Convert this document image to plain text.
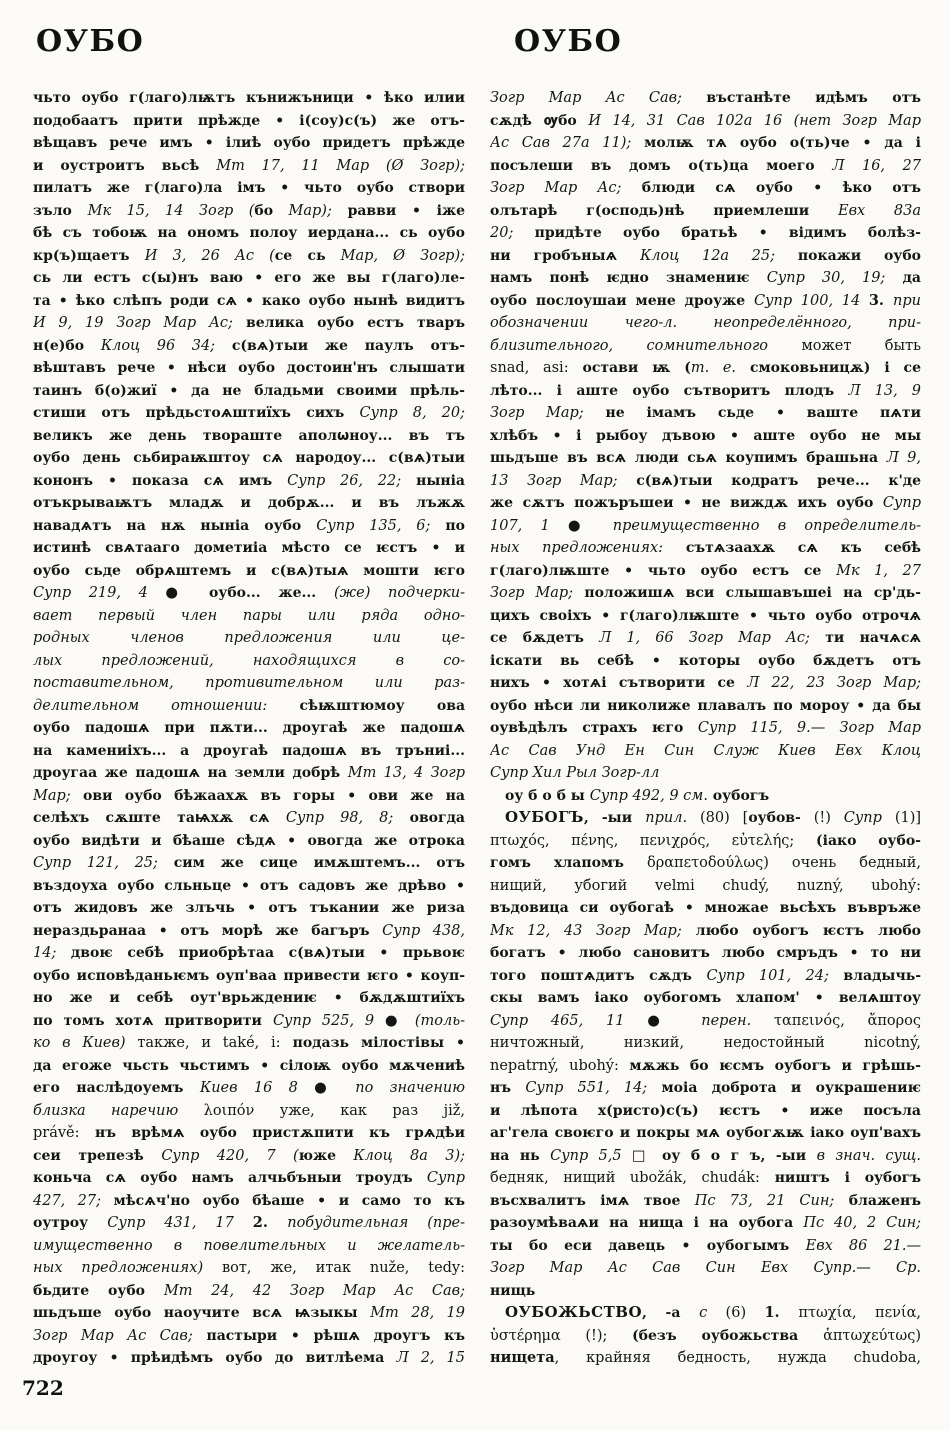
ОУБО	ОУБО
чьто оубо г(лаго)лѭтъ кънижъници • ѣко илии
подобаатъ прити прѣжде • і(соу)с(ъ) же отъ-
вѣщавъ рече имъ • ілиѣ оубо придетъ прѣжде
и оустроитъ вьсѣ Мт 17, 11 Мар (Ø Зогр);
пилатъ же г(лаго)ла імъ • чьто оубо створи
зъло Мк 15, 14 Зогр (бо Мар); равви • іже
бѣ съ тобоѭ на ономъ полоу иердана... сь оубо
кр(ъ)щаетъ И 3, 26 Ас (се сь Мар, Ø Зогр);
сь ли естъ с(ы)нъ ваю • его же вы г(лаго)ле-
та • ѣко слѣпъ роди сѧ • како оубо нынѣ видитъ
И 9, 19 Зогр Мар Ас; велика оубо естъ тваръ
н(е)бо Клоц 96 34; с(вѧ)тыи же паулъ отъ-
вѣштавъ рече • нѣси оубо достоин'нъ слышати
таинъ б(о)жиї • да не бладьми своими прѣль-
стиши отъ прѣдьстоѧштиїхъ сихъ Супр 8, 20;
великъ же день твораште аполѡноу... въ тъ
оубо день сьбираѭштоу сѧ народоу... с(вѧ)тыи
кононъ • показа сѧ имъ Супр 26, 22; ныніа
отъкрываѭтъ младѫ и добрѫ... и въ лъжѫ
навадѧтъ на нѫ ныніа оубо Супр 135, 6; по
истинѣ свѧтааго дометиіа мѣсто се ѥстъ • и
оубо сьде обрѧштемъ и с(вѧ)тыѧ мошти ѥго
Супр 219, 4 ● оубо... же... (же) подчерки-
вает первый член пары или ряда одно-
родных членов предложения или це-
лых предложений, находящихся в со-
поставительном, противительном или раз-
делительном отношении: сѣѭштюмоу ова
оубо падошѧ при пѫти... дроугаѣ же падошѧ
на камениіхъ... а дроугаѣ падошѧ въ тръниі...
дроугаа же падошѧ на земли добрѣ Мт 13, 4 Зогр
Мар; ови оубо бѣжаахѫ въ горы • ови же на
селѣхъ сѫште таѩхѫ сѧ Супр 98, 8; овогда
оубо видѣти и бѣаше сѣдѧ • овогда же отрока
Супр 121, 25; сим же сице имѫштемъ... отъ
въздоуха оубо сльньце • отъ садовъ же дрѣво •
отъ жидовъ же злъчь • отъ тъкании же риза
нераздьранаа • отъ морѣ же багъръ Супр 438,
14; двоѥ себѣ приобрѣтаа с(вѧ)тыи • прьвоѥ
оубо исповѣданьѥмъ оуп'ваа привести ѥго • коуп-
но же и себѣ оут'врьждениѥ • бѫдѫштиїхъ
по томъ хотѧ притворити Супр 525, 9 ● (толь-
ко в Киев) также, и také, i: подазь мілостівы •
да егоже чьсть чьстимъ • сілоѭ оубо мѫчениѣ
его наслѣдоуемъ Киев 16 8 ● по значению
близка наречию λοιπόν уже, как раз již,
právě: нъ врѣмѧ оубо пристѫпити къ грѧдѣи
сеи трепезѣ Супр 420, 7 (юже Клоц 8а 3);
коньча сѧ оубо намъ алчьбъныи троудъ Супр
427, 27; мѣсѧч'но оубо бѣаше • и само то къ
оутроу Супр 431, 17 2. побудительная (пре-
имущественно в повелительных и желатель-
ных предложениях) вот, же, итак nuže, tedy:
бьдите оубо Мт 24, 42 Зогр Мар Ас Сав;
шьдъше оубо наоучите всѧ ѩзыкы Мт 28, 19
Зогр Мар Ас Сав; пастыри • рѣшѧ дроугъ къ
дроугоу • прѣидѣмъ оубо до витлѣема Л 2, 15
Зогр Мар Ас Сав; въстанѣте идѣмъ отъ
сѫдѣ ѹбо И 14, 31 Сав 102а 16 (нет Зогр Мар
Ас Сав 27а 11); молѭ тѧ оубо о(ть)че • да і
посълеши въ домъ о(ть)ца моего Л 16, 27
Зогр Мар Ас; блюди сѧ оубо • ѣко отъ
олътарѣ г(осподь)нѣ приемлеши Евх 83а
20; придѣте оубо братьѣ • відимъ болѣз-
ни гробъныѧ Клоц 12а 25; покажи оубо
намъ понѣ ѥдно знамениѥ Супр 30, 19; да
оубо послоушаи мене дроуже Супр 100, 14 3. при
обозначении чего-л. неопределённого, при-
близительного, сомнительного может быть
snad, asi: остави ѭ (т. е. смоковьницѫ) і се
лѣто... і аште оубо сътворитъ плодъ Л 13, 9
Зогр Мар; не імамъ сьде • ваште пѧти
хлѣбъ • і рыбоу дъвою • аште оубо не мы
шьдъше въ всѧ люди сьѧ коупимъ брашьна Л 9,
13 Зогр Мар; с(вѧ)тыи кодратъ рече... к'де
же сѫтъ пожъръшеи • не виждѫ ихъ оубо Супр
107, 1 ● преимущественно в определитель-
ных предложениях: сътѧзаахѫ сѧ къ себѣ
г(лаго)лѭште • чьто оубо естъ се Мк 1, 27
Зогр Мар; положишѧ вси слышавъшеі на ср'дь-
цихъ своіхъ • г(лаго)лѭште • чьто оубо отрочѧ
се бѫдетъ Л 1, 66 Зогр Мар Ас; ти начѧсѧ
іскати вь себѣ • которы оубо бѫдетъ отъ
нихъ • хотѧі сътворити се Л 22, 23 Зогр Мар;
оубо нѣси ли николиже плавалъ по мороу • да бы
оувѣдѣлъ страхъ ѥго Супр 115, 9.— Зогр Мар
Ас Сав Унд Ен Син Служ Киев Евх Клоц
Супр Хил Рыл Зогр-лл
оу б о б ы Супр 492, 9 см. оубогъ
ОУБОГЪ, -ыи прил. (80) [оубов- (!) Супр (1)]
πτωχός, πένης, πενιχρός, εὐτελής; (іако оубо-
гомъ хлапомъ δραπετοδούλως) очень бедный,
нищий, убогий velmi chudý, nuzný, ubohý:
въдовица си оубогаѣ • множае вьсѣхъ въвръже
Мк 12, 43 Зогр Мар; любо оубогъ ѥстъ любо
богатъ • любо сановитъ любо смръдъ • то ни
того поштѧдитъ сѫдъ Супр 101, 24; владычь-
скы вамъ іако оубогомъ хлапом' • велѧштоу
Супр 465, 11 ● перен. ταπεινός, ἄπορος
ничтожный, низкий, недостойный nicotný,
nepatrný, ubohý: мѫжь бо ѥсмъ оубогъ и грѣшь-
нъ Супр 551, 14; моіа доброта и оукрашениѥ
и лѣпота х(ристо)с(ъ) ѥстъ • иже посъла
аг'гела своѥго и покры мѧ оубогѫѭ іако оуп'вахъ
на нь Супр 5,5 □ оу б о г ъ, -ыи в знач. сущ.
бедняк, нищий ubožák, chudák: ништъ і оубогъ
въсхвалитъ імѧ твое Пс 73, 21 Син; блаженъ
разоумѣваѧи на нища і на оубога Пс 40, 2 Син;
ты бо еси давець • оубогымъ Евх 86 21.—
Зогр Мар Ас Сав Син Евх Супр.— Ср.
нищь
ОУБОЖЬСТВО, -а с (6) 1. πτωχία, πενία,
ὑστέρημα (!); (безъ оубожьства ἀπτωχεύτως)
нищета, крайняя бедность, нужда chudoba,
722
